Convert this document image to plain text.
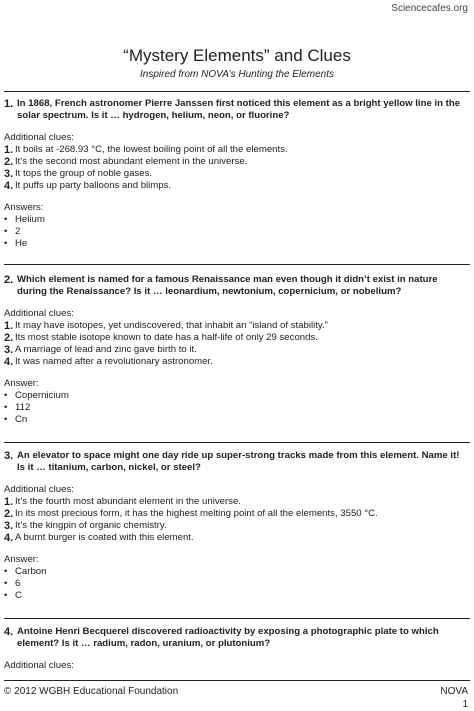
Sciencecafes.org
“Mystery Elements” and Clues
Inspired from NOVA’s Hunting the Elements
1. In 1868, French astronomer Pierre Janssen first noticed this element as a bright yellow line in the solar spectrum. Is it … hydrogen, helium, neon, or fluorine?
Additional clues:
1. It boils at -268.93 °C, the lowest boiling point of all the elements.
2. It’s the second most abundant element in the universe.
3. It tops the group of noble gases.
4. It puffs up party balloons and blimps.
Answers:
• Helium
• 2
• He
2. Which element is named for a famous Renaissance man even though it didn’t exist in nature during the Renaissance? Is it … leonardium, newtonium, copernicium, or nobelium?
Additional clues:
1. It may have isotopes, yet undiscovered, that inhabit an “island of stability.”
2. Its most stable isotope known to date has a half-life of only 29 seconds.
3. A marriage of lead and zinc gave birth to it.
4. It was named after a revolutionary astronomer.
Answer:
• Copernicium
• 112
• Cn
3. An elevator to space might one day ride up super-strong tracks made from this element. Name it! Is it … titanium, carbon, nickel, or steel?
Additional clues:
1. It’s the fourth most abundant element in the universe.
2. In its most precious form, it has the highest melting point of all the elements, 3550 °C.
3. It’s the kingpin of organic chemistry.
4. A burnt burger is coated with this element.
Answer:
• Carbon
• 6
• C
4. Antoine Henri Becquerel discovered radioactivity by exposing a photographic plate to which element? Is it … radium, radon, uranium, or plutonium?
Additional clues:
© 2012 WGBH Educational Foundation	NOVA
1
